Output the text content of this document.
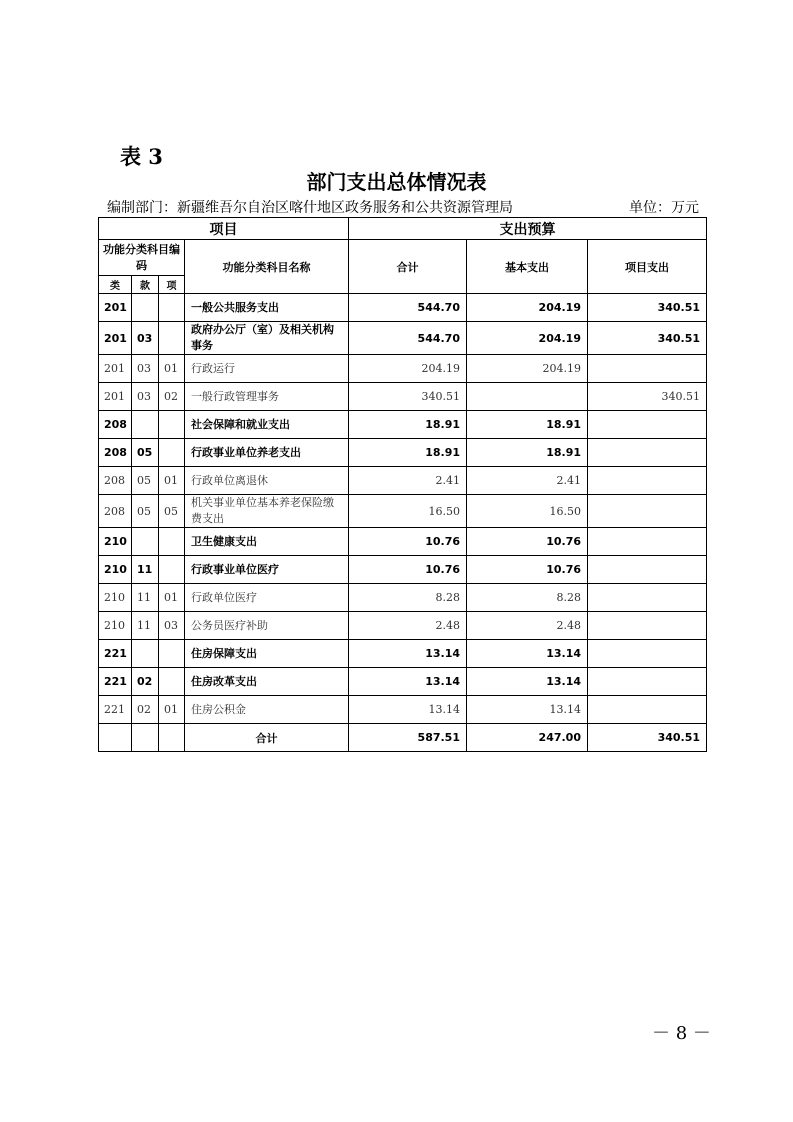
表 3
部门支出总体情况表
编制部门：新疆维吾尔自治区喀什地区政务服务和公共资源管理局	单位：万元
项目				支出预算		
功能分类科目编码			功能分类科目名称	合计	基本支出	项目支出
类	款	项				
201			一般公共服务支出	544.70	204.19	340.51
201	03		政府办公厅（室）及相关机构事务	544.70	204.19	340.51
201	03	01	行政运行	204.19	204.19	
201	03	02	一般行政管理事务	340.51		340.51
208			社会保障和就业支出	18.91	18.91	
208	05		行政事业单位养老支出	18.91	18.91	
208	05	01	行政单位离退休	2.41	2.41	
208	05	05	机关事业单位基本养老保险缴费支出	16.50	16.50	
210			卫生健康支出	10.76	10.76	
210	11		行政事业单位医疗	10.76	10.76	
210	11	01	行政单位医疗	8.28	8.28	
210	11	03	公务员医疗补助	2.48	2.48	
221			住房保障支出	13.14	13.14	
221	02		住房改革支出	13.14	13.14	
221	02	01	住房公积金	13.14	13.14	
			合计	587.51	247.00	340.51
－ 8 －
